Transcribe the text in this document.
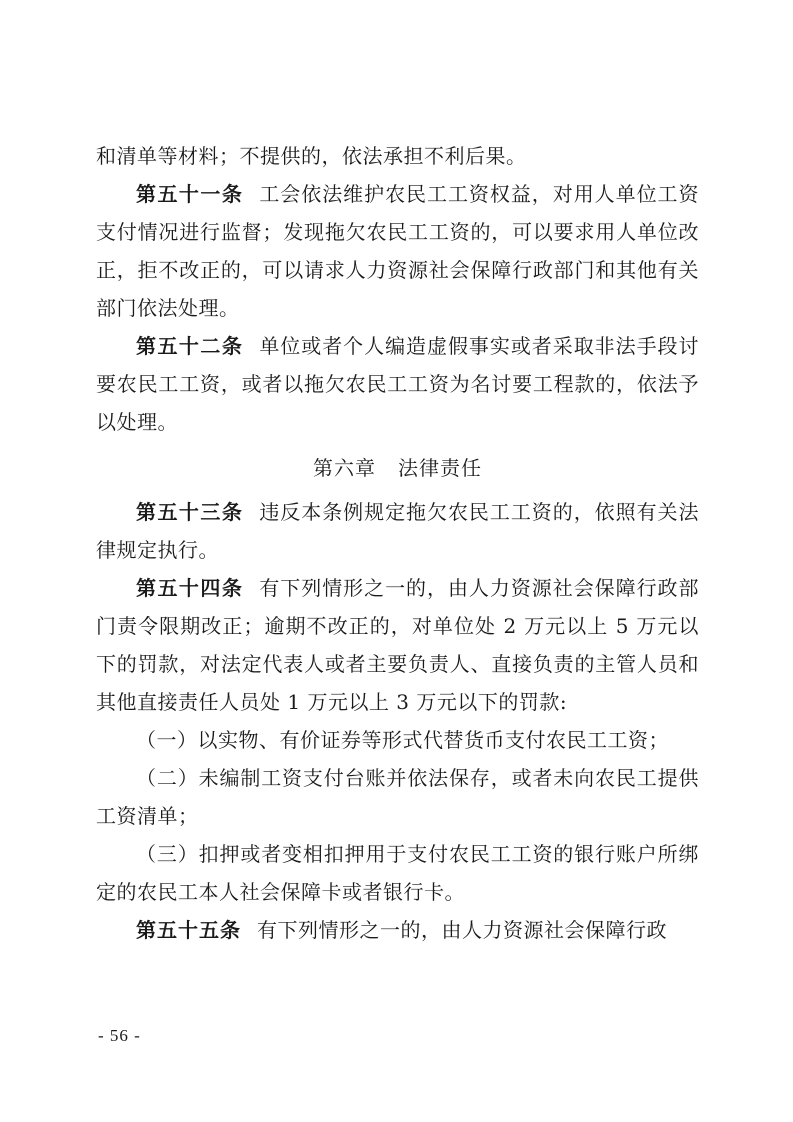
和清单等材料；不提供的，依法承担不利后果。

第五十一条 工会依法维护农民工工资权益，对用人单位工资支付情况进行监督；发现拖欠农民工工资的，可以要求用人单位改正，拒不改正的，可以请求人力资源社会保障行政部门和其他有关部门依法处理。

第五十二条 单位或者个人编造虚假事实或者采取非法手段讨要农民工工资，或者以拖欠农民工工资为名讨要工程款的，依法予以处理。

第六章 法律责任

第五十三条 违反本条例规定拖欠农民工工资的，依照有关法律规定执行。

第五十四条 有下列情形之一的，由人力资源社会保障行政部门责令限期改正；逾期不改正的，对单位处 2 万元以上 5 万元以下的罚款，对法定代表人或者主要负责人、直接负责的主管人员和其他直接责任人员处 1 万元以上 3 万元以下的罚款:

（一）以实物、有价证券等形式代替货币支付农民工工资；

（二）未编制工资支付台账并依法保存，或者未向农民工提供工资清单；

（三）扣押或者变相扣押用于支付农民工工资的银行账户所绑定的农民工本人社会保障卡或者银行卡。

第五十五条 有下列情形之一的，由人力资源社会保障行政

- 56 -
